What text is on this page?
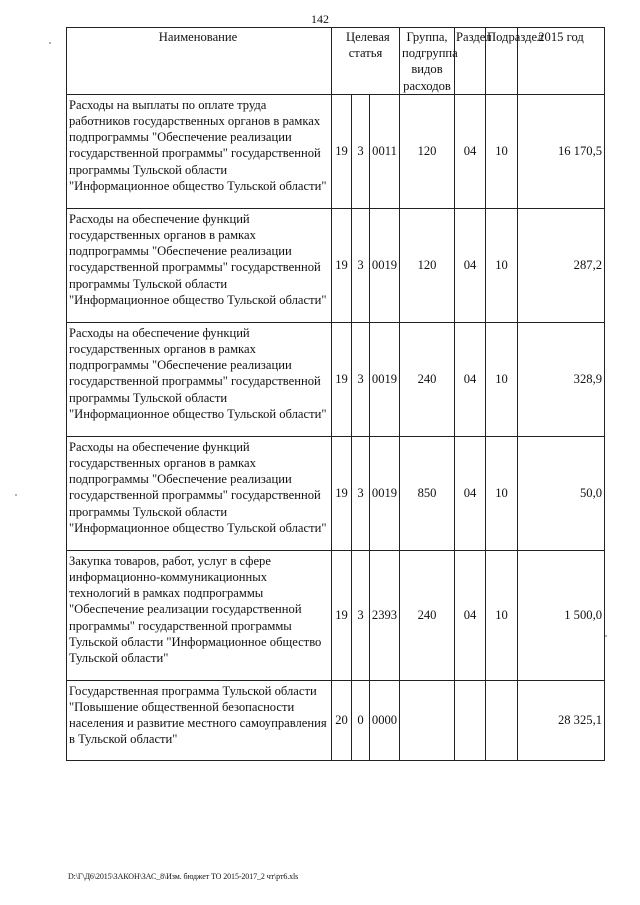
142
Наименование	Целевая статья			Группа, подгруппа видов расходов	Раздел	Подраздел	2015 год
Расходы на выплаты по оплате труда работников государственных органов в рамках подпрограммы "Обеспечение реализации государственной программы" государственной программы Тульской области "Информационное общество Тульской области"	19	3	0011	120	04	10	16 170,5
Расходы на обеспечение функций государственных органов в рамках подпрограммы "Обеспечение реализации государственной программы" государственной программы Тульской области "Информационное общество Тульской области"	19	3	0019	120	04	10	287,2
Расходы на обеспечение функций государственных органов в рамках подпрограммы "Обеспечение реализации государственной программы" государственной программы Тульской области "Информационное общество Тульской области"	19	3	0019	240	04	10	328,9
Расходы на обеспечение функций государственных органов в рамках подпрограммы "Обеспечение реализации государственной программы" государственной программы Тульской области "Информационное общество Тульской области"	19	3	0019	850	04	10	50,0
Закупка товаров, работ, услуг в сфере информационно-коммуникационных технологий в рамках подпрограммы "Обеспечение реализации государственной программы" государственной программы Тульской области "Информационное общество Тульской области"	19	3	2393	240	04	10	1 500,0
Государственная программа Тульской области "Повышение общественной безопасности населения и развитие местного самоуправления в Тульской области"	20	0	0000				28 325,1
D:\Г\Д6\2015\ЗАКОН\ЗАС_8\Изм. бюджет ТО 2015-2017_2 чт\рт6.xls
